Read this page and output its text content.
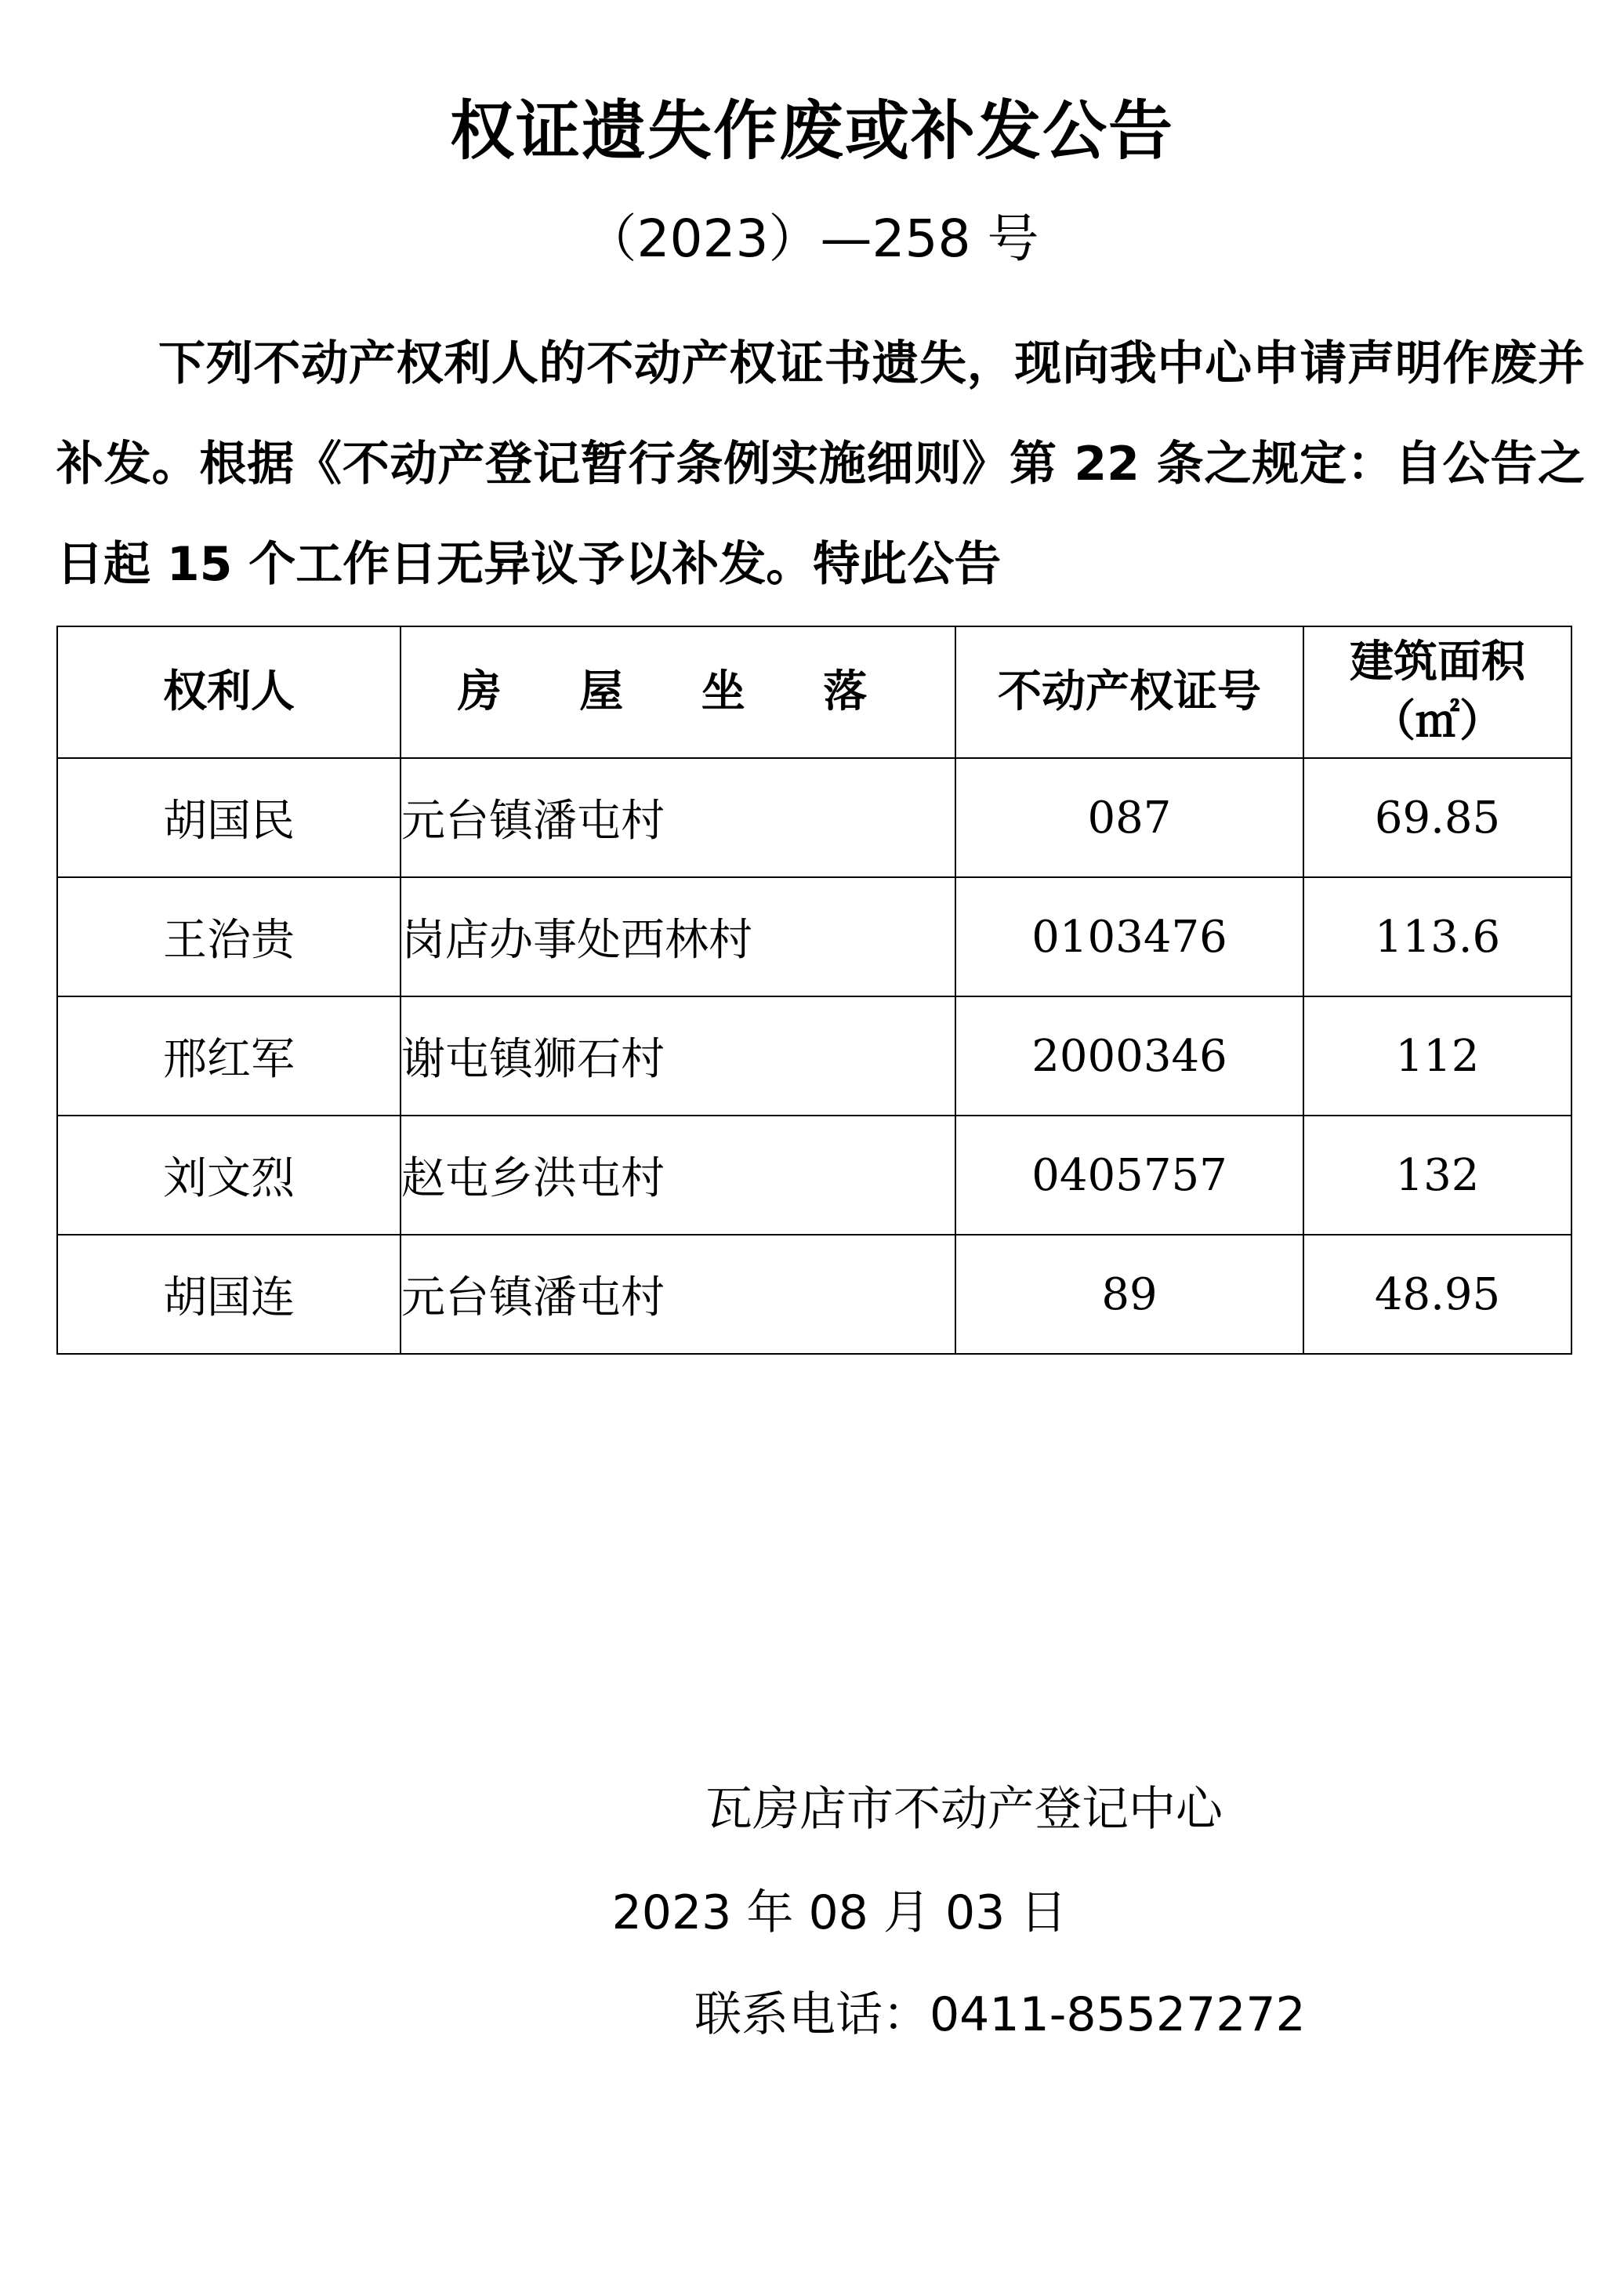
权证遗失作废或补发公告
（2023）—258 号
下列不动产权利人的不动产权证书遗失，现向我中心申请声明作废并补发。根据《不动产登记暂行条例实施细则》第 22 条之规定：自公告之日起 15 个工作日无异议予以补发。特此公告
权利人	房 屋 坐 落	不动产权证号	建筑面积
（㎡）

胡国民	元台镇潘屯村	087	69.85
王治贵	岗店办事处西林村	0103476	113.6
邢红军	谢屯镇狮石村	2000346	112
刘文烈	赵屯乡洪屯村	0405757	132
胡国连	元台镇潘屯村	89	48.95
瓦房店市不动产登记中心
2023 年 08 月 03 日
联系电话：0411-85527272
